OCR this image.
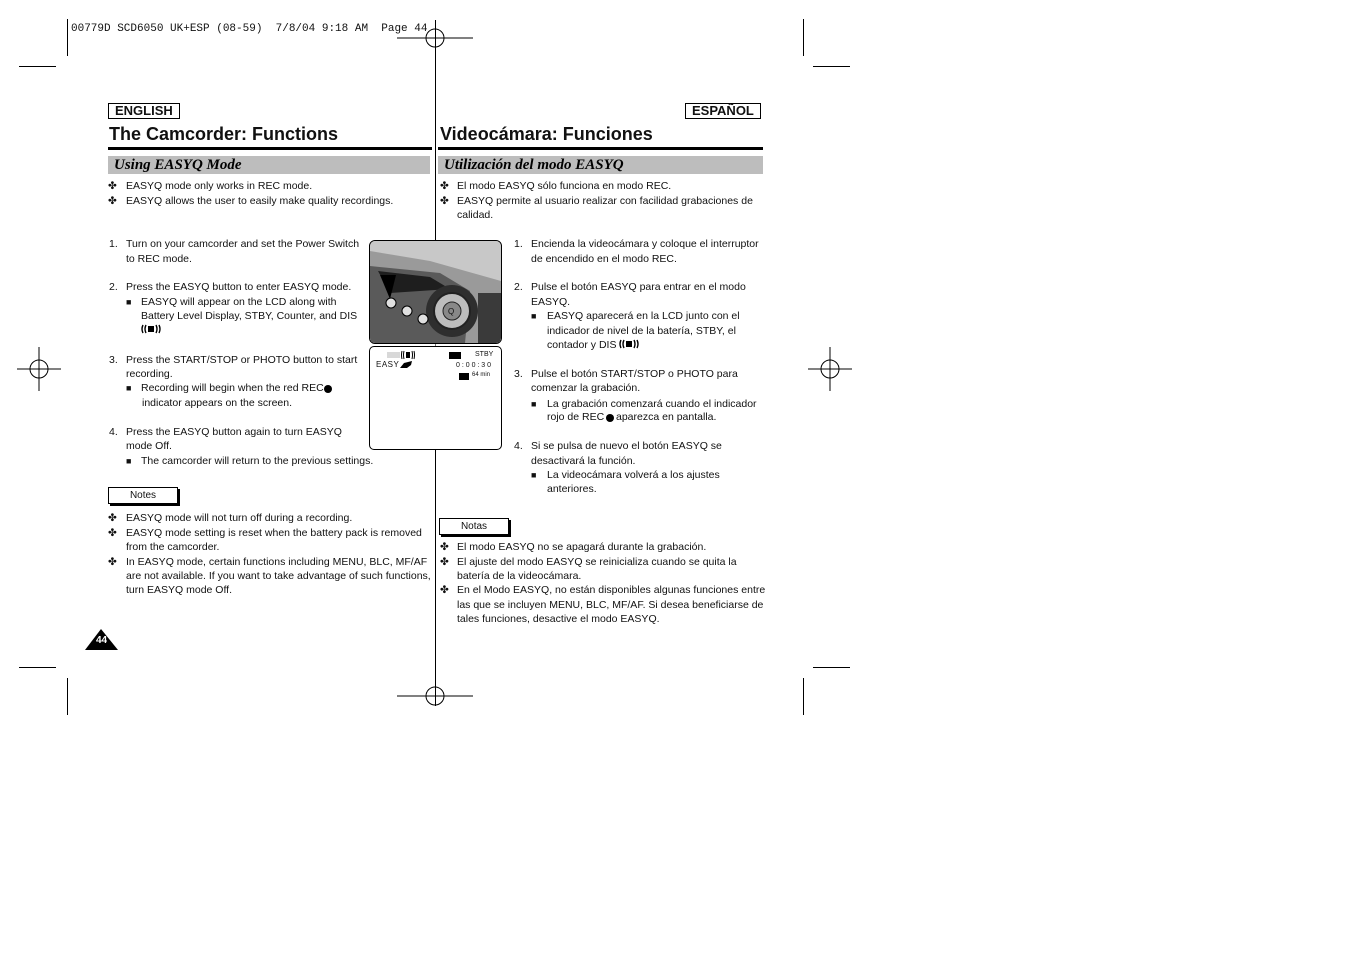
00779D SCD6050 UK+ESP (08-59)  7/8/04 9:18 AM  Page 44
ENGLISH
The Camcorder: Functions
Using EASYQ Mode
✤ EASYQ mode only works in REC mode.
✤ EASYQ allows the user to easily make quality recordings.
1. Turn on your camcorder and set the Power Switch
to REC mode.
2. Press the EASYQ button to enter EASYQ mode.
■ EASYQ will appear on the LCD along with
Battery Level Display, STBY, Counter, and DIS
3. Press the START/STOP or PHOTO button to start
recording.
■ Recording will begin when the red REC
indicator appears on the screen.
4. Press the EASYQ button again to turn EASYQ
mode Off.
■ The camcorder will return to the previous settings.
Notes
✤ EASYQ mode will not turn off during a recording.
✤ EASYQ mode setting is reset when the battery pack is removed
from the camcorder.
✤ In EASYQ mode, certain functions including MENU, BLC, MF/AF
are not available. If you want to take advantage of such functions,
turn EASYQ mode Off.
44
Q
EASY
STBY
0 : 0 0 : 3 0
64 min
ESPAÑOL
Videocámara: Funciones
Utilización del modo EASYQ
✤ El modo EASYQ sólo funciona en modo REC.
✤ EASYQ permite al usuario realizar con facilidad grabaciones de
calidad.
1. Encienda la videocámara y coloque el interruptor
de encendido en el modo REC.
2. Pulse el botón EASYQ para entrar en el modo
EASYQ.
■ EASYQ aparecerá en la LCD junto con el
indicador de nivel de la batería, STBY, el
contador y DIS
3. Pulse el botón START/STOP o PHOTO para
comenzar la grabación.
■ La grabación comenzará cuando el indicador
rojo de REC aparezca en pantalla.
4. Si se pulsa de nuevo el botón EASYQ se
desactivará la función.
■ La videocámara volverá a los ajustes
anteriores.
Notas
✤ El modo EASYQ no se apagará durante la grabación.
✤ El ajuste del modo EASYQ se reinicializa cuando se quita la
batería de la videocámara.
✤ En el Modo EASYQ, no están disponibles algunas funciones entre
las que se incluyen MENU, BLC, MF/AF. Si desea beneficiarse de
tales funciones, desactive el modo EASYQ.
